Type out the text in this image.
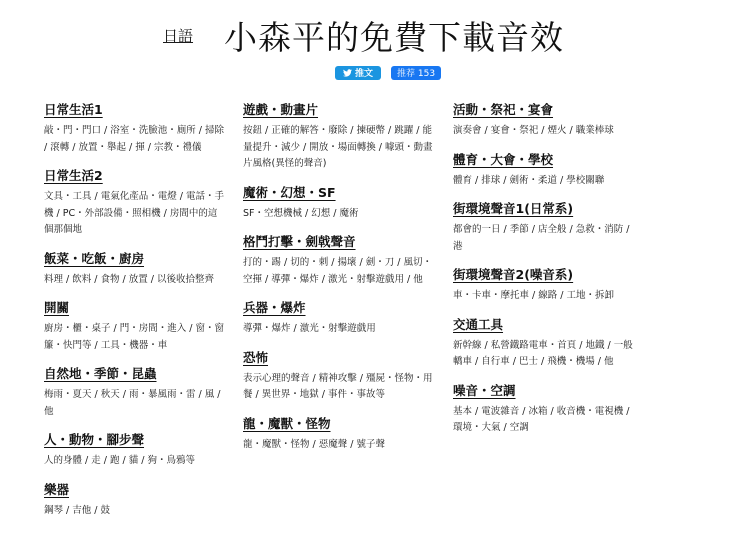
日語 小森平的免費下載音效
推文	推荐 153
日常生活1
敲・門・門口 / 浴室・洗臉池・廁所 / 掃除 / 滾轉 / 放置・舉起 / 揮 / 宗教・禮儀
日常生活2
文具・工具 / 電氣化產品・電燈 / 電話・手機 / PC・外部設備・照相機 / 房間中的這個那個地
飯菜・吃飯・廚房
料理 / 飲料 / 食物 / 放置 / 以後收拾整齊
開關
廚房・櫃・桌子 / 門・房間・進入 / 窗・窗簾・快門等 / 工具・機器・車
自然地・季節・昆蟲
梅雨・夏天 / 秋天 / 雨・暴風雨・雷 / 風 / 他
人・動物・腳步聲
人的身體 / 走 / 跑 / 貓 / 狗・鳥鴉等
樂器
鋼琴 / 吉他 / 鼓
遊戲・動畫片
按鈕 / 正確的解答・廢除 / 揀硬幣 / 跳躍 / 能量提升・減少 / 開放・場面轉換 / 噱頭・動畫片風格(異怪的聲音)
魔術・幻想・SF
SF・空想機械 / 幻想 / 魔術
格鬥打擊・劍戟聲音
打的・踢 / 切的・刺 / 揚壞 / 劍・刀 / 風切・空揮 / 導彈・爆炸 / 激光・射擊遊戲用 / 他
兵器・爆炸
導彈・爆炸 / 激光・射擊遊戲用
恐怖
表示心理的聲音 / 精神攻擊 / 殭屍・怪物・用餐 / 異世界・地獄 / 事件・事故等
龍・魔獸・怪物
龍・魔獸・怪物 / 惡魔聲 / 號子聲
活動・祭祀・宴會
演奏會 / 宴會・祭祀 / 煙火 / 職業棒球
體育・大會・學校
體育 / 排球 / 劍術・柔道 / 學校關聯
街環境聲音1(日常系)
都會的一日 / 季節 / 店全般 / 急救・消防 / 港
街環境聲音2(噪音系)
車・卡車・摩托車 / 線路 / 工地・拆卸
交通工具
新幹線 / 私營鐵路電車・首頁 / 地鐵 / 一般轎車 / 自行車 / 巴士 / 飛機・機場 / 他
噪音・空調
基本 / 電波雜音 / 冰箱 / 收音機・電視機 / 環境・大氣 / 空調
